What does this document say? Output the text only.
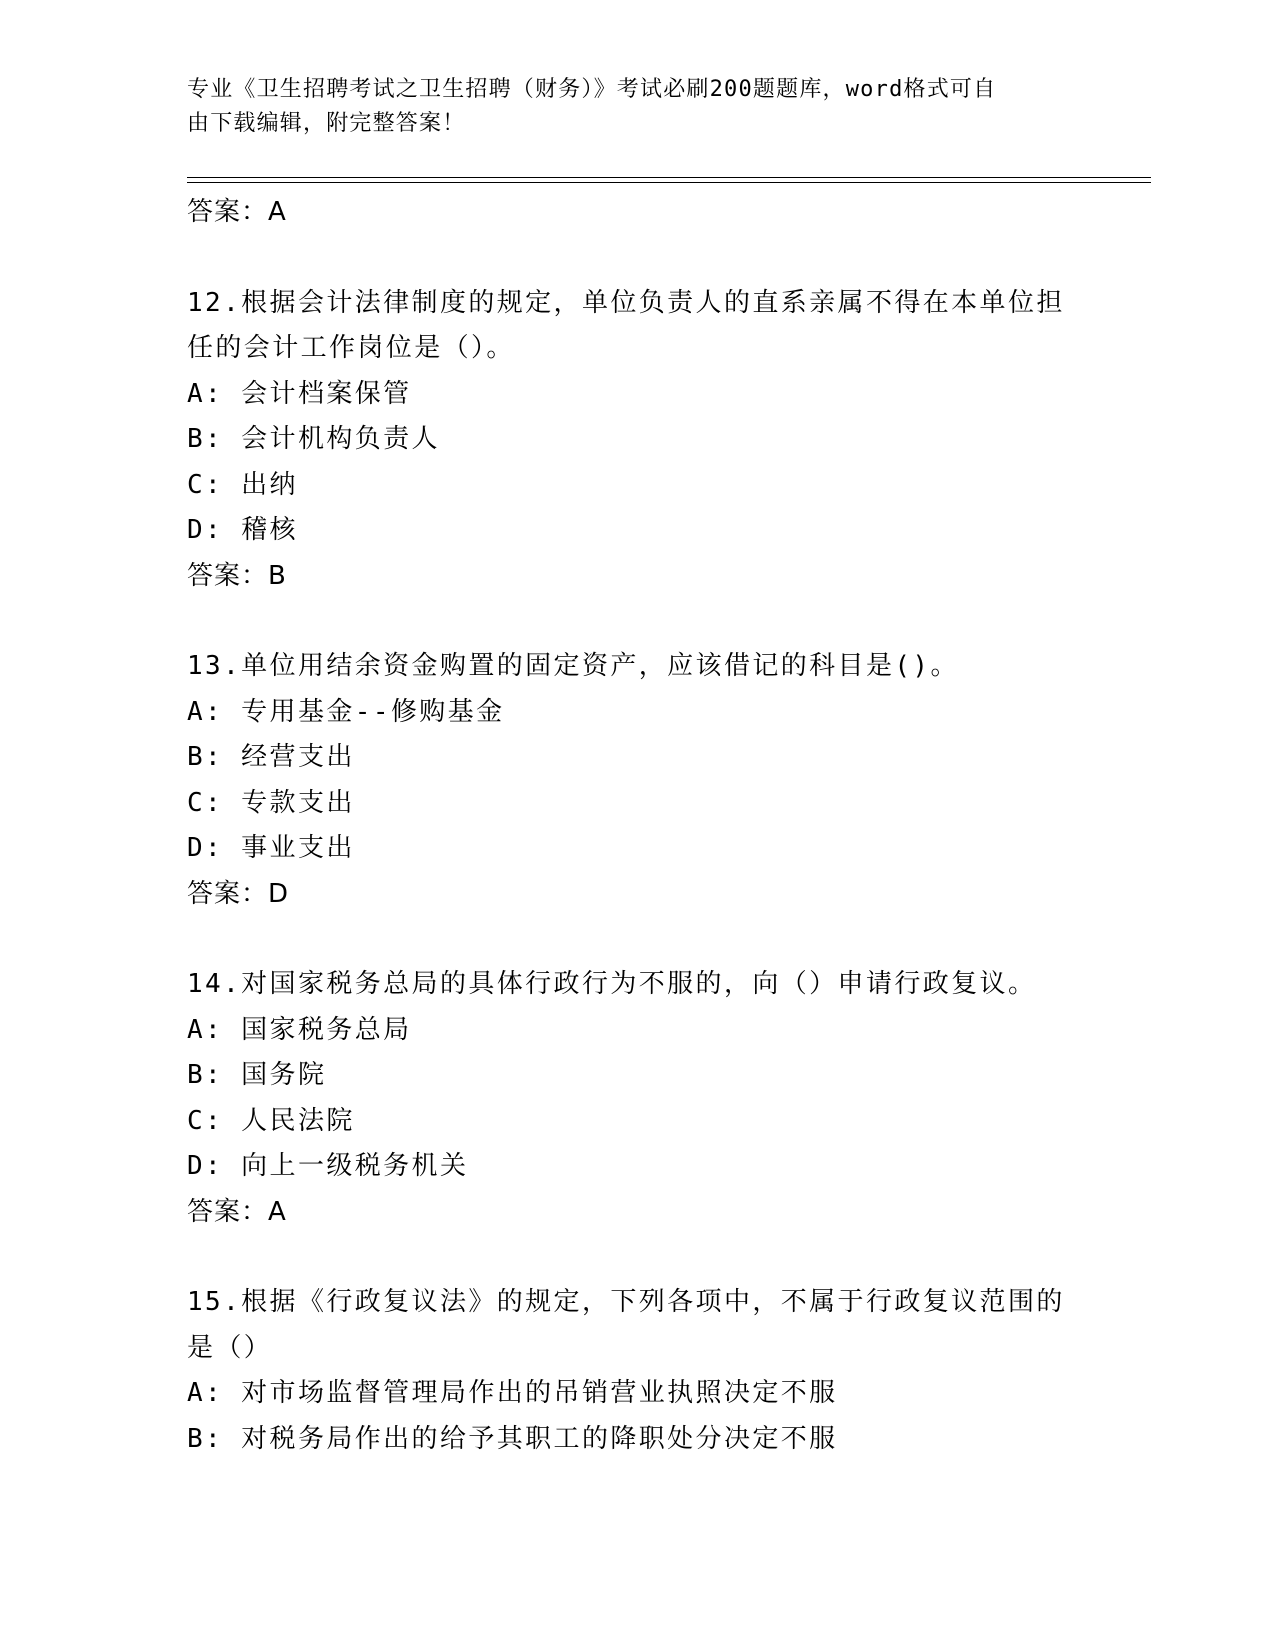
专业《卫生招聘考试之卫生招聘（财务）》考试必刷200题题库，word格式可自
由下载编辑，附完整答案！
答案：A
12.根据会计法律制度的规定，单位负责人的直系亲属不得在本单位担
任的会计工作岗位是（）。
A: 会计档案保管
B: 会计机构负责人
C: 出纳
D: 稽核
答案：B
13.单位用结余资金购置的固定资产，应该借记的科目是()。
A: 专用基金--修购基金
B: 经营支出
C: 专款支出
D: 事业支出
答案：D
14.对国家税务总局的具体行政行为不服的，向（）申请行政复议。
A: 国家税务总局
B: 国务院
C: 人民法院
D: 向上一级税务机关
答案：A
15.根据《行政复议法》的规定，下列各项中，不属于行政复议范围的
是（）
A: 对市场监督管理局作出的吊销营业执照决定不服
B: 对税务局作出的给予其职工的降职处分决定不服
